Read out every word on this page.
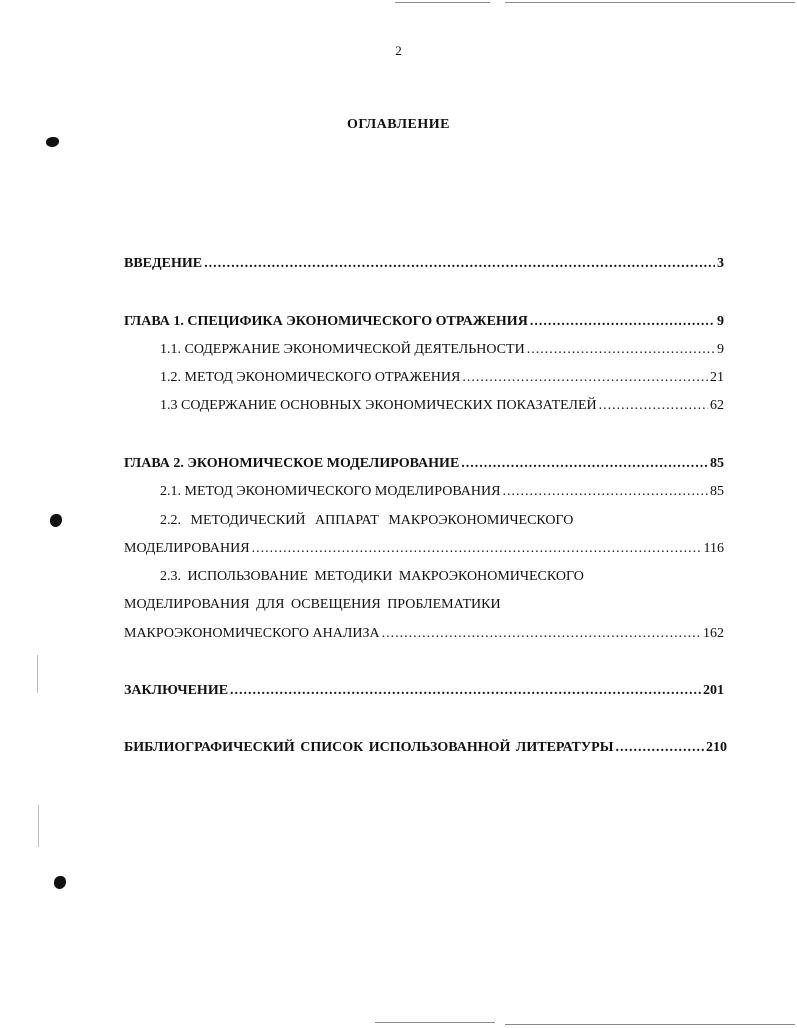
2
ОГЛАВЛЕНИЕ
ВВЕДЕНИЕ .....	3
ГЛАВА 1. СПЕЦИФИКА ЭКОНОМИЧЕСКОГО ОТРАЖЕНИЯ .....	9
1.1. СОДЕРЖАНИЕ ЭКОНОМИЧЕСКОЙ ДЕЯТЕЛЬНОСТИ .....	9
1.2. МЕТОД ЭКОНОМИЧЕСКОГО ОТРАЖЕНИЯ .....	21
1.3 СОДЕРЖАНИЕ ОСНОВНЫХ ЭКОНОМИЧЕСКИХ ПОКАЗАТЕЛЕЙ .....	62
ГЛАВА 2. ЭКОНОМИЧЕСКОЕ МОДЕЛИРОВАНИЕ .....	85
2.1. МЕТОД ЭКОНОМИЧЕСКОГО МОДЕЛИРОВАНИЯ .....	85
2.2. МЕТОДИЧЕСКИЙ АППАРАТ МАКРОЭКОНОМИЧЕСКОГО
МОДЕЛИРОВАНИЯ .....	116
2.3. ИСПОЛЬЗОВАНИЕ МЕТОДИКИ МАКРОЭКОНОМИЧЕСКОГО
МОДЕЛИРОВАНИЯ ДЛЯ ОСВЕЩЕНИЯ ПРОБЛЕМАТИКИ
МАКРОЭКОНОМИЧЕСКОГО АНАЛИЗА .....	162
ЗАКЛЮЧЕНИЕ .....	201
БИБЛИОГРАФИЧЕСКИЙ СПИСОК ИСПОЛЬЗОВАННОЙ ЛИТЕРАТУРЫ .....	210
